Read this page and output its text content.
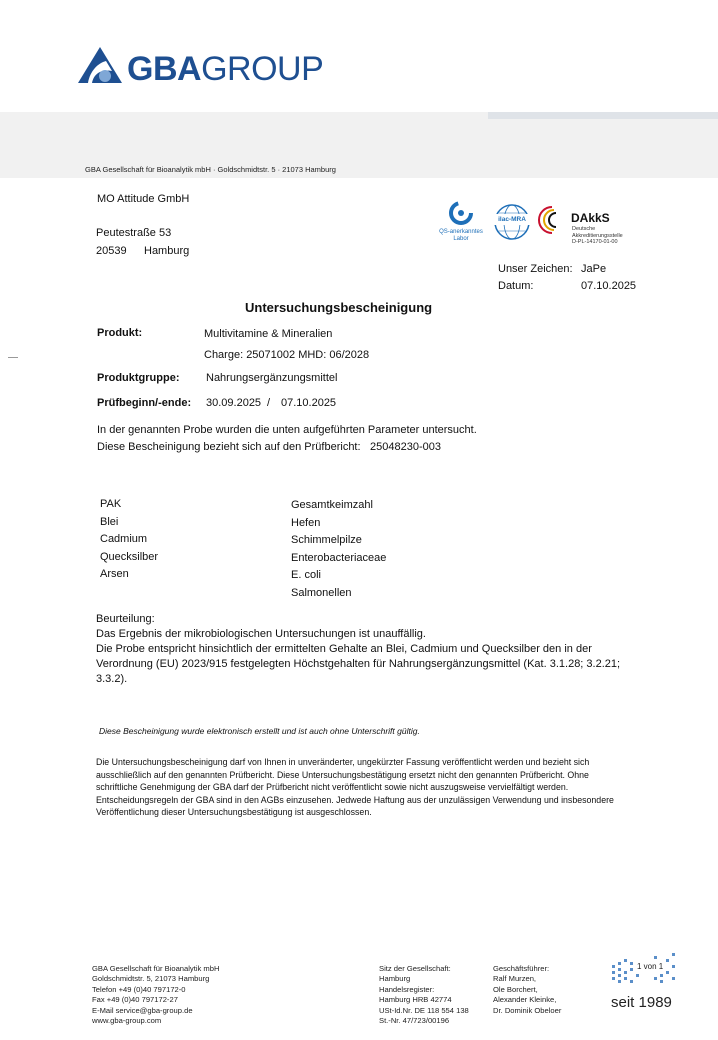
GBAGROUP
GBA Gesellschaft für Bioanalytik mbH · Goldschmidtstr. 5 · 21073 Hamburg
MO Attitude GmbH
Peutestraße 53
20539 Hamburg
QS-anerkanntes
Labor
ilac-MRA	DAkkS
Deutsche
Akkreditierungsstelle
D-PL-14170-01-00
Unser Zeichen: JaPe
Datum:	07.10.2025
Untersuchungsbescheinigung
Produkt:	Multivitamine & Mineralien
Charge: 25071002 MHD: 06/2028
Produktgruppe: Nahrungsergänzungsmittel
Prüfbeginn/-ende: 30.09.2025 / 07.10.2025
In der genannten Probe wurden die unten aufgeführten Parameter untersucht.
Diese Bescheinigung bezieht sich auf den Prüfbericht: 25048230-003
PAK
Blei
Cadmium
Quecksilber
Arsen
Gesamtkeimzahl
Hefen
Schimmelpilze
Enterobacteriaceae
E. coli
Salmonellen
Beurteilung:
Das Ergebnis der mikrobiologischen Untersuchungen ist unauffällig.
Die Probe entspricht hinsichtlich der ermittelten Gehalte an Blei, Cadmium und Quecksilber den in der
Verordnung (EU) 2023/915 festgelegten Höchstgehalten für Nahrungsergänzungsmittel (Kat. 3.1.28; 3.2.21;
3.3.2).
Diese Bescheinigung wurde elektronisch erstellt und ist auch ohne Unterschrift gültig.
Die Untersuchungsbescheinigung darf von Ihnen in unveränderter, ungekürzter Fassung veröffentlicht werden und bezieht sich
ausschließlich auf den genannten Prüfbericht. Diese Untersuchungsbestätigung ersetzt nicht den genannten Prüfbericht. Ohne
schriftliche Genehmigung der GBA darf der Prüfbericht nicht veröffentlicht sowie nicht auszugsweise vervielfältigt werden.
Entscheidungsregeln der GBA sind in den AGBs einzusehen. Jedwede Haftung aus der unzulässigen Verwendung und insbesondere
Veröffentlichung dieser Untersuchungsbestätigung ist ausgeschlossen.
GBA Gesellschaft für Bioanalytik mbH
Goldschmidtstr. 5, 21073 Hamburg
Telefon +49 (0)40 797172-0
Fax +49 (0)40 797172-27
E-Mail service@gba-group.de
www.gba-group.com
Sitz der Gesellschaft:
Hamburg
Handelsregister:
Hamburg HRB 42774
USt-Id.Nr. DE 118 554 138
St.-Nr. 47/723/00196
Geschäftsführer:
Ralf Murzen,
Ole Borchert,
Alexander Kleinke,
Dr. Dominik Obeloer
1 von 1
seit 1989
